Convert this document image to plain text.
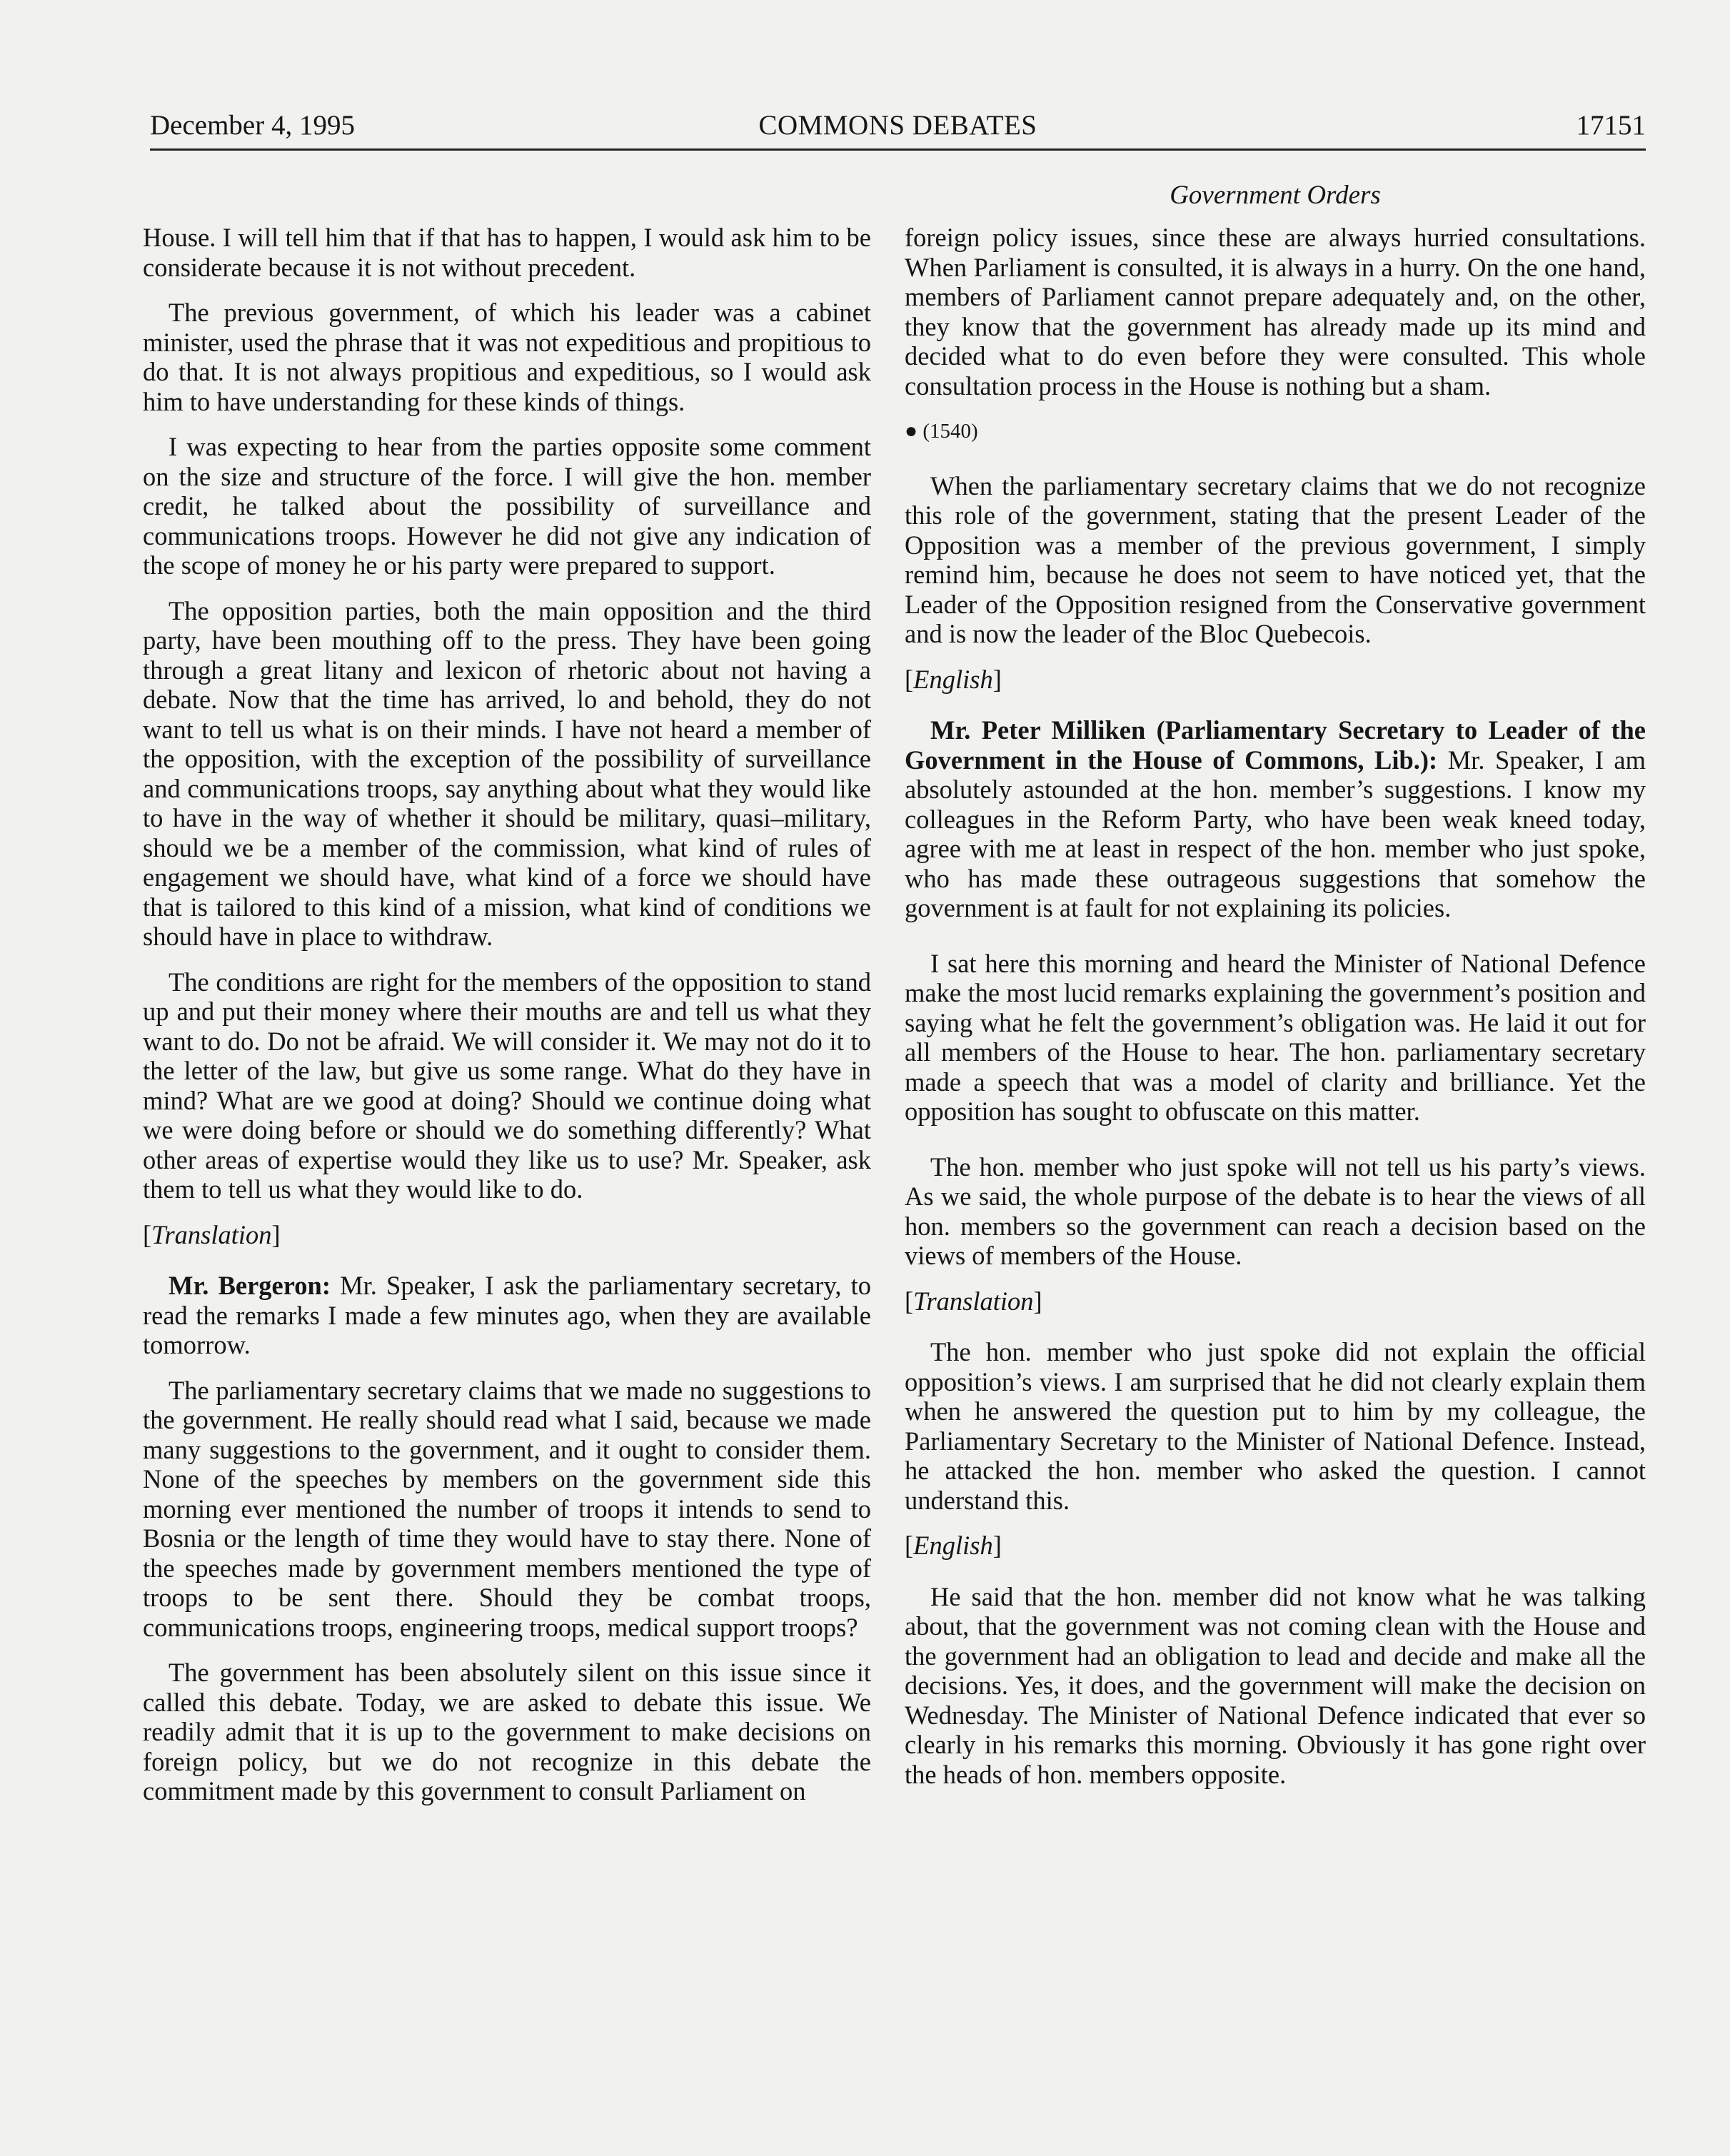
December 4, 1995	COMMONS DEBATES	17151
Government Orders

House. I will tell him that if that has to happen, I would ask him to be considerate because it is not without precedent.

The previous government, of which his leader was a cabinet minister, used the phrase that it was not expeditious and propitious to do that. It is not always propitious and expeditious, so I would ask him to have understanding for these kinds of things.

I was expecting to hear from the parties opposite some comment on the size and structure of the force. I will give the hon. member credit, he talked about the possibility of surveillance and communications troops. However he did not give any indication of the scope of money he or his party were prepared to support.

The opposition parties, both the main opposition and the third party, have been mouthing off to the press. They have been going through a great litany and lexicon of rhetoric about not having a debate. Now that the time has arrived, lo and behold, they do not want to tell us what is on their minds. I have not heard a member of the opposition, with the exception of the possibility of surveillance and communications troops, say anything about what they would like to have in the way of whether it should be military, quasi–military, should we be a member of the commission, what kind of rules of engagement we should have, what kind of a force we should have that is tailored to this kind of a mission, what kind of conditions we should have in place to withdraw.

The conditions are right for the members of the opposition to stand up and put their money where their mouths are and tell us what they want to do. Do not be afraid. We will consider it. We may not do it to the letter of the law, but give us some range. What do they have in mind? What are we good at doing? Should we continue doing what we were doing before or should we do something differently? What other areas of expertise would they like us to use? Mr. Speaker, ask them to tell us what they would like to do.

[Translation]

Mr. Bergeron: Mr. Speaker, I ask the parliamentary secretary, to read the remarks I made a few minutes ago, when they are available tomorrow.

The parliamentary secretary claims that we made no suggestions to the government. He really should read what I said, because we made many suggestions to the government, and it ought to consider them. None of the speeches by members on the government side this morning ever mentioned the number of troops it intends to send to Bosnia or the length of time they would have to stay there. None of the speeches made by government members mentioned the type of troops to be sent there. Should they be combat troops, communications troops, engineering troops, medical support troops?

The government has been absolutely silent on this issue since it called this debate. Today, we are asked to debate this issue. We readily admit that it is up to the government to make decisions on foreign policy, but we do not recognize in this debate the commitment made by this government to consult Parliament on

foreign policy issues, since these are always hurried consultations. When Parliament is consulted, it is always in a hurry. On the one hand, members of Parliament cannot prepare adequately and, on the other, they know that the government has already made up its mind and decided what to do even before they were consulted. This whole consultation process in the House is nothing but a sham.

● (1540)

When the parliamentary secretary claims that we do not recognize this role of the government, stating that the present Leader of the Opposition was a member of the previous government, I simply remind him, because he does not seem to have noticed yet, that the Leader of the Opposition resigned from the Conservative government and is now the leader of the Bloc Quebecois.

[English]

Mr. Peter Milliken (Parliamentary Secretary to Leader of the Government in the House of Commons, Lib.): Mr. Speaker, I am absolutely astounded at the hon. member’s suggestions. I know my colleagues in the Reform Party, who have been weak kneed today, agree with me at least in respect of the hon. member who just spoke, who has made these outrageous suggestions that somehow the government is at fault for not explaining its policies.

I sat here this morning and heard the Minister of National Defence make the most lucid remarks explaining the government’s position and saying what he felt the government’s obligation was. He laid it out for all members of the House to hear. The hon. parliamentary secretary made a speech that was a model of clarity and brilliance. Yet the opposition has sought to obfuscate on this matter.

The hon. member who just spoke will not tell us his party’s views. As we said, the whole purpose of the debate is to hear the views of all hon. members so the government can reach a decision based on the views of members of the House.

[Translation]

The hon. member who just spoke did not explain the official opposition’s views. I am surprised that he did not clearly explain them when he answered the question put to him by my colleague, the Parliamentary Secretary to the Minister of National Defence. Instead, he attacked the hon. member who asked the question. I cannot understand this.

[English]

He said that the hon. member did not know what he was talking about, that the government was not coming clean with the House and the government had an obligation to lead and decide and make all the decisions. Yes, it does, and the government will make the decision on Wednesday. The Minister of National Defence indicated that ever so clearly in his remarks this morning. Obviously it has gone right over the heads of hon. members opposite.
